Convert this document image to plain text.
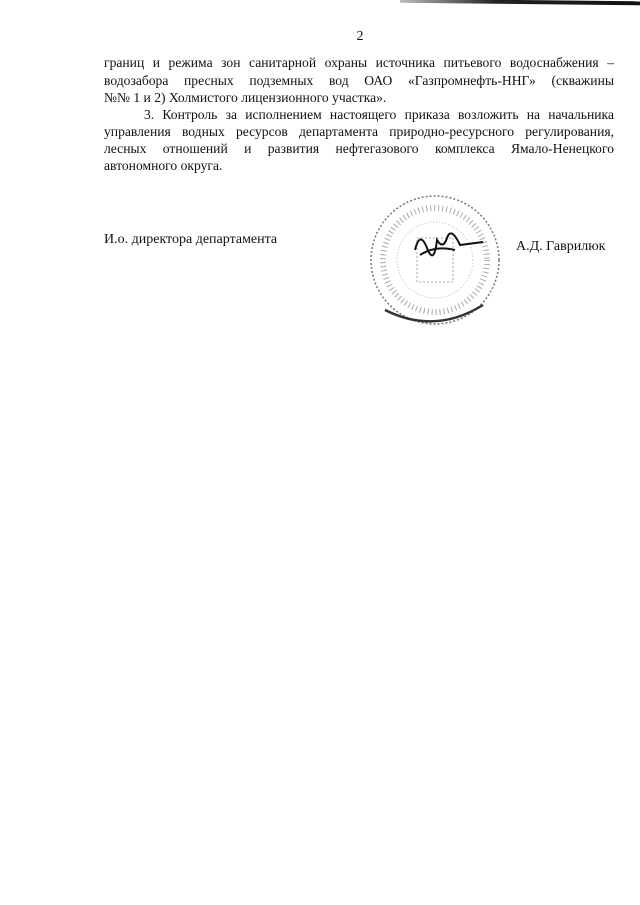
2
границ и режима зон санитарной охраны источника питьевого водоснабжения –
водозабора пресных подземных вод ОАО «Газпромнефть-ННГ» (скважины
№№ 1 и 2) Холмистого лицензионного участка».
3. Контроль за исполнением настоящего приказа возложить на начальника
управления водных ресурсов департамента природно-ресурсного регулирования,
лесных отношений и развития нефтегазового комплекса Ямало-Ненецкого
автономного округа.
И.о. директора департамента	А.Д. Гаврилюк
